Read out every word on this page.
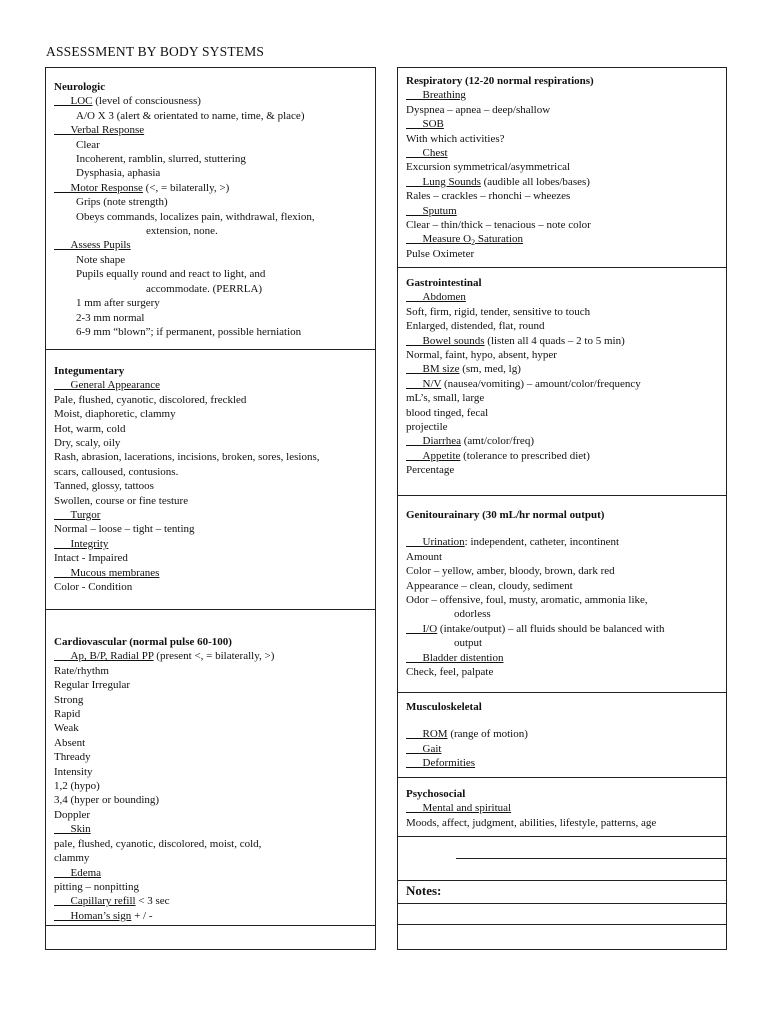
ASSESSMENT BY BODY SYSTEMS
Neurologic
LOC (level of consciousness)
A/O X 3 (alert & orientated to name, time, & place)
Verbal Response
Clear
Incoherent, ramblin, slurred, stuttering
Dysphasia, aphasia
Motor Response (<, = bilaterally, >)
Grips (note strength)
Obeys commands, localizes pain, withdrawal, flexion,
extension, none.
Assess Pupils
Note shape
Pupils equally round and react to light, and
accommodate. (PERRLA)
1 mm after surgery
2-3 mm normal
6-9 mm “blown”; if permanent, possible herniation
Integumentary
General Appearance
Pale, flushed, cyanotic, discolored, freckled
Moist, diaphoretic, clammy
Hot, warm, cold
Dry, scaly, oily
Rash, abrasion, lacerations, incisions, broken, sores, lesions,
scars, calloused, contusions.
Tanned, glossy, tattoos
Swollen, course or fine testure
Turgor
Normal – loose – tight – tenting
Integrity
Intact - Impaired
Mucous membranes
Color - Condition
Cardiovascular (normal pulse 60-100)
Ap, B/P, Radial PP (present <, = bilaterally, >)
Rate/rhythm
Regular Irregular
Strong
Rapid
Weak
Absent
Thready
Intensity
1,2 (hypo)
3,4 (hyper or bounding)
Doppler
Skin
pale, flushed, cyanotic, discolored, moist, cold,
clammy
Edema
pitting – nonpitting
Capillary refill < 3 sec
Homan’s sign + / -
Respiratory (12-20 normal respirations)
Breathing
Dyspnea – apnea – deep/shallow
SOB
With which activities?
Chest
Excursion symmetrical/asymmetrical
Lung Sounds (audible all lobes/bases)
Rales – crackles – rhonchi – wheezes
Sputum
Clear – thin/thick – tenacious – note color
Measure $O_2$ Saturation
Pulse Oximeter
Gastrointestinal
Abdomen
Soft, firm, rigid, tender, sensitive to touch
Enlarged, distended, flat, round
Bowel sounds (listen all 4 quads – 2 to 5 min)
Normal, faint, hypo, absent, hyper
BM size (sm, med, lg)
N/V (nausea/vomiting) – amount/color/frequency
mL’s, small, large
blood tinged, fecal
projectile
Diarrhea (amt/color/freq)
Appetite (tolerance to prescribed diet)
Percentage
Genitourainary (30 mL/hr normal output)
Urination: independent, catheter, incontinent
Amount
Color – yellow, amber, bloody, brown, dark red
Appearance – clean, cloudy, sediment
Odor – offensive, foul, musty, aromatic, ammonia like,
odorless
I/O (intake/output) – all fluids should be balanced with
output
Bladder distention
Check, feel, palpate
Musculoskeletal
ROM (range of motion)
Gait
Deformities
Psychosocial
Mental and spiritual
Moods, affect, judgment, abilities, lifestyle, patterns, age
Notes:
